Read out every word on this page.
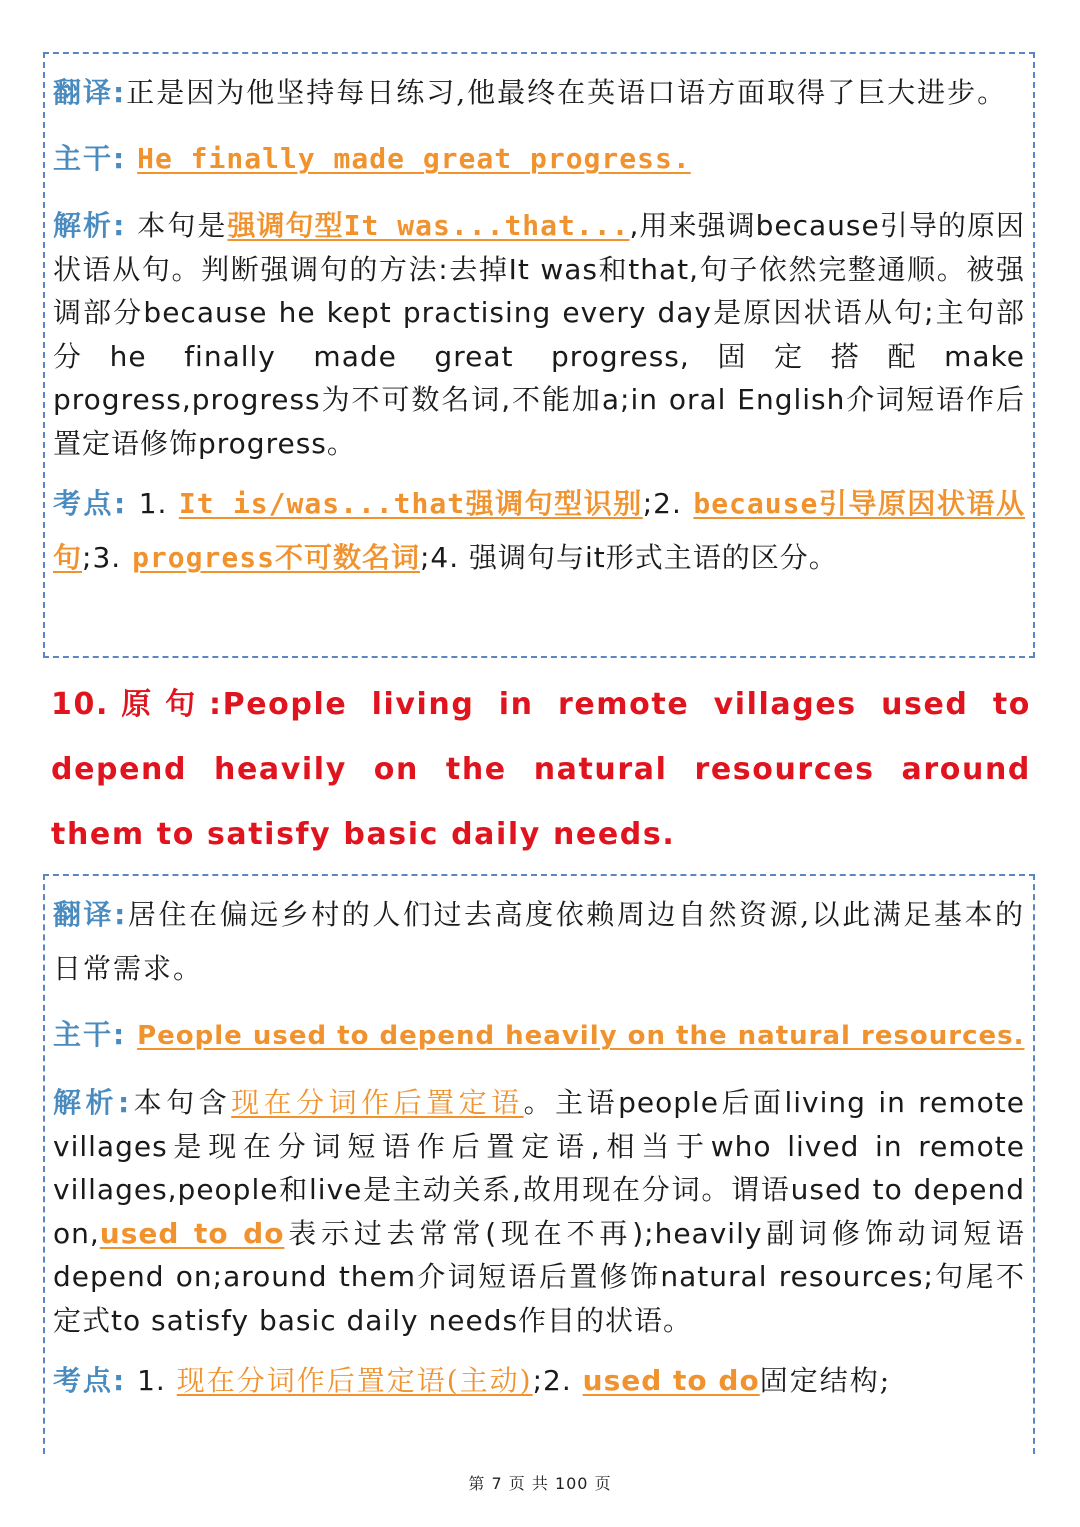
翻译:正是因为他坚持每日练习,他最终在英语口语方面取得了巨大进步。

主干: He finally made great progress.

解析: 本句是强调句型It was...that...,用来强调because引导的原因状语从句。判断强调句的方法:去掉It was和that,句子依然完整通顺。被强调部分because he kept practising every day是原因状语从句;主句部分he finally made great progress,固定搭配make progress,progress为不可数名词,不能加a;in oral English介词短语作后置定语修饰progress。

考点: 1. It is/was...that强调句型识别;2. because引导原因状语从句;3. progress不可数名词;4. 强调句与it形式主语的区分。

10.原句:People living in remote villages used to depend heavily on the natural resources around them to satisfy basic daily needs.

翻译:居住在偏远乡村的人们过去高度依赖周边自然资源,以此满足基本的日常需求。

主干: People used to depend heavily on the natural resources.

解析:本句含现在分词作后置定语。主语people后面living in remote villages是现在分词短语作后置定语,相当于who lived in remote villages,people和live是主动关系,故用现在分词。谓语used to depend on,used to do表示过去常常(现在不再);heavily副词修饰动词短语depend on;around them介词短语后置修饰natural resources;句尾不定式to satisfy basic daily needs作目的状语。

考点: 1. 现在分词作后置定语(主动);2. used to do固定结构;

第 7 页 共 100 页
